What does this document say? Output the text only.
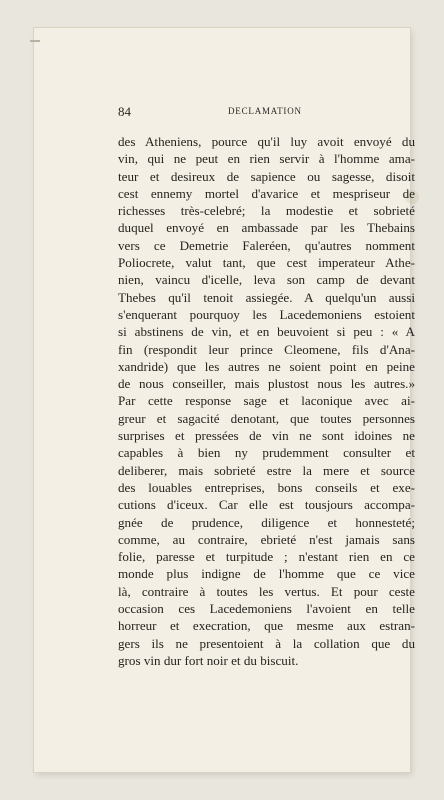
84	DECLAMATION
des Atheniens, pource qu'il luy avoit envoyé du
vin, qui ne peut en rien servir à l'homme ama-
teur et desireux de sapience ou sagesse, disoit
cest ennemy mortel d'avarice et mespriseur de
richesses très-celebré; la modestie et sobrieté
duquel envoyé en ambassade par les Thebains
vers ce Demetrie Faleréen, qu'autres nomment
Poliocrete, valut tant, que cest imperateur Athe-
nien, vaincu d'icelle, leva son camp de devant
Thebes qu'il tenoit assiegée. A quelqu'un aussi
s'enquerant pourquoy les Lacedemoniens estoient
si abstinens de vin, et en beuvoient si peu : « A
fin (respondit leur prince Cleomene, fils d'Ana-
xandride) que les autres ne soient point en peine
de nous conseiller, mais plustost nous les autres.»
Par cette response sage et laconique avec ai-
greur et sagacité denotant, que toutes personnes
surprises et pressées de vin ne sont idoines ne
capables à bien ny prudemment consulter et
deliberer, mais sobrieté estre la mere et source
des louables entreprises, bons conseils et exe-
cutions d'iceux. Car elle est tousjours accompa-
gnée de prudence, diligence et honnesteté;
comme, au contraire, ebrieté n'est jamais sans
folie, paresse et turpitude ; n'estant rien en ce
monde plus indigne de l'homme que ce vice
là, contraire à toutes les vertus. Et pour ceste
occasion ces Lacedemoniens l'avoient en telle
horreur et execration, que mesme aux estran-
gers ils ne presentoient à la collation que du
gros vin dur fort noir et du biscuit.
